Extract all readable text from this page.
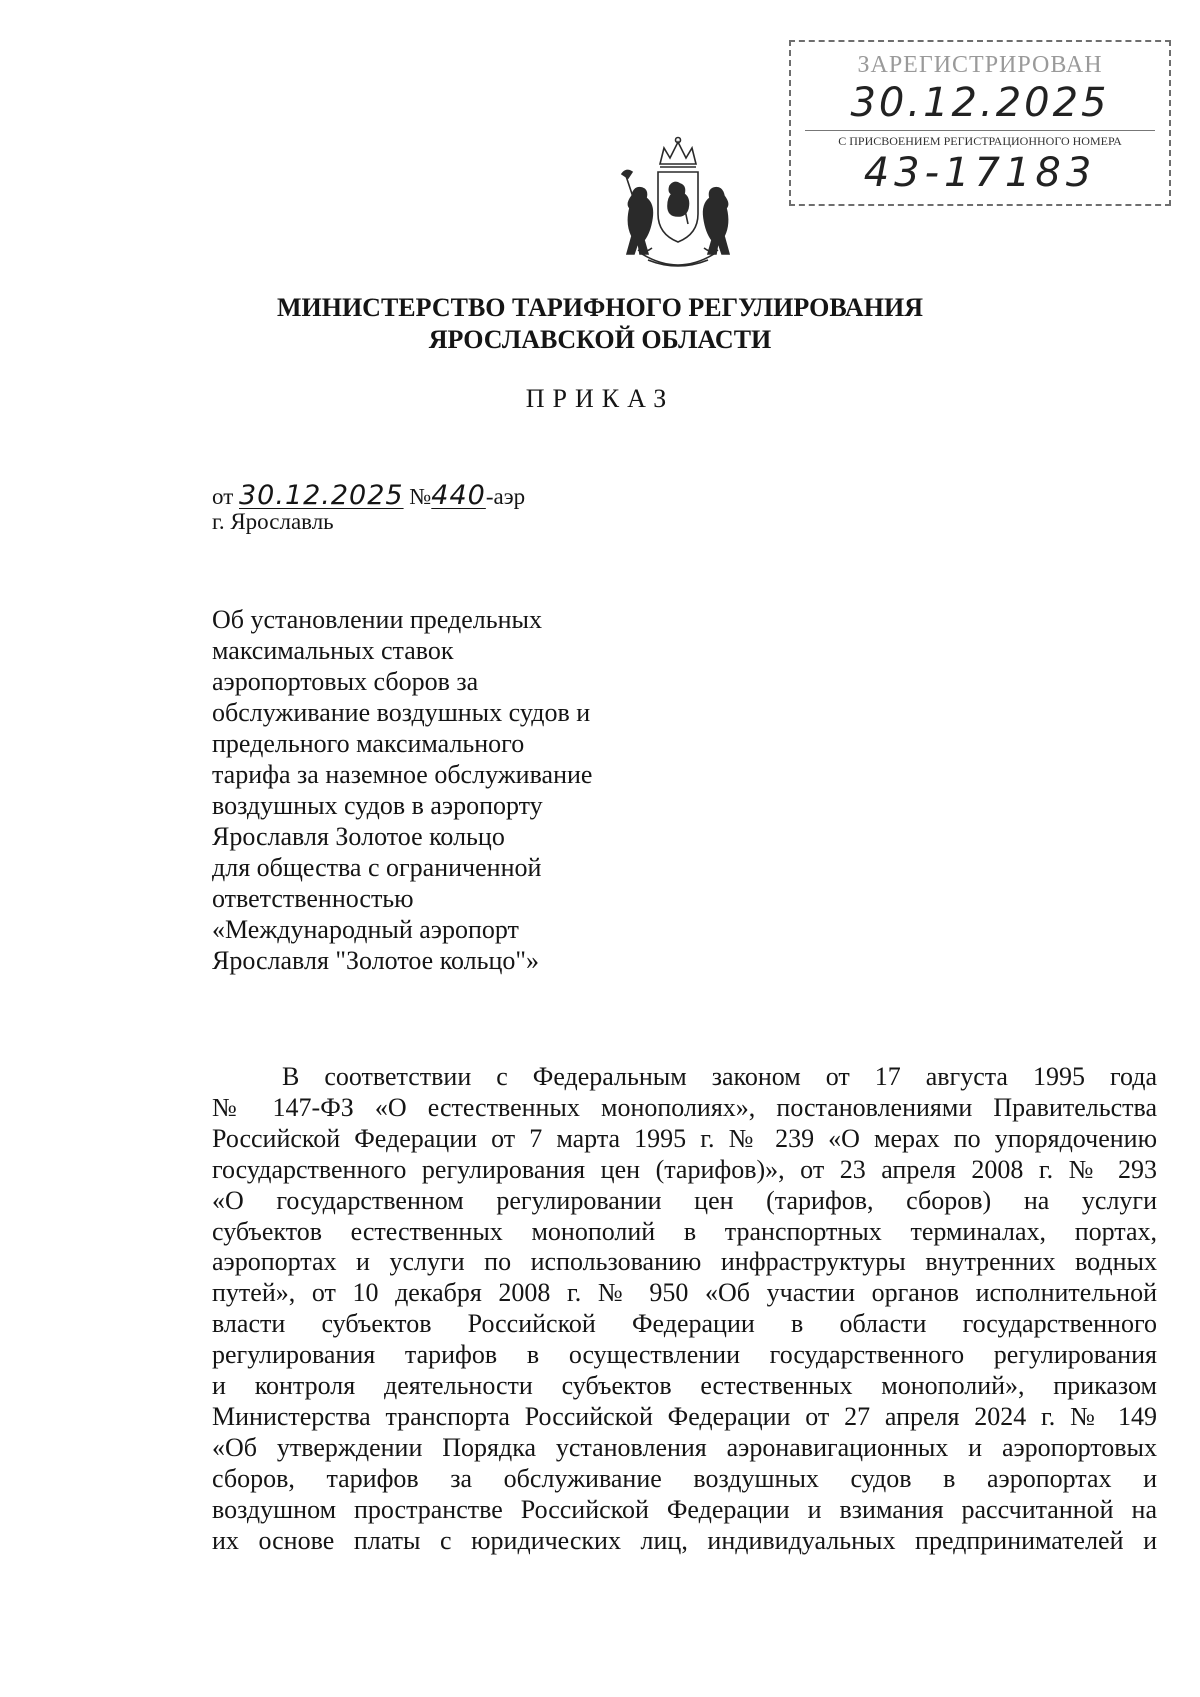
ЗАРЕГИСТРИРОВАН
30.12.2025
С ПРИСВОЕНИЕМ РЕГИСТРАЦИОННОГО НОМЕРА
43-17183
МИНИСТЕРСТВО ТАРИФНОГО РЕГУЛИРОВАНИЯ
ЯРОСЛАВСКОЙ ОБЛАСТИ
ПРИКАЗ
от 30.12.2025 №440-аэр
г. Ярославль
Об установлении предельных
максимальных ставок
аэропортовых сборов за
обслуживание воздушных судов и
предельного максимального
тарифа за наземное обслуживание
воздушных судов в аэропорту
Ярославля Золотое кольцо
для общества с ограниченной
ответственностью
«Международный аэропорт
Ярославля "Золотое кольцо"»
В соответствии с Федеральным законом от 17 августа 1995 года
№ 147-ФЗ «О естественных монополиях», постановлениями Правительства
Российской Федерации от 7 марта 1995 г. № 239 «О мерах по упорядочению
государственного регулирования цен (тарифов)», от 23 апреля 2008 г. № 293
«О государственном регулировании цен (тарифов, сборов) на услуги
субъектов естественных монополий в транспортных терминалах, портах,
аэропортах и услуги по использованию инфраструктуры внутренних водных
путей», от 10 декабря 2008 г. № 950 «Об участии органов исполнительной
власти субъектов Российской Федерации в области государственного
регулирования тарифов в осуществлении государственного регулирования
и контроля деятельности субъектов естественных монополий», приказом
Министерства транспорта Российской Федерации от 27 апреля 2024 г. № 149
«Об утверждении Порядка установления аэронавигационных и аэропортовых
сборов, тарифов за обслуживание воздушных судов в аэропортах и
воздушном пространстве Российской Федерации и взимания рассчитанной на
их основе платы с юридических лиц, индивидуальных предпринимателей и
